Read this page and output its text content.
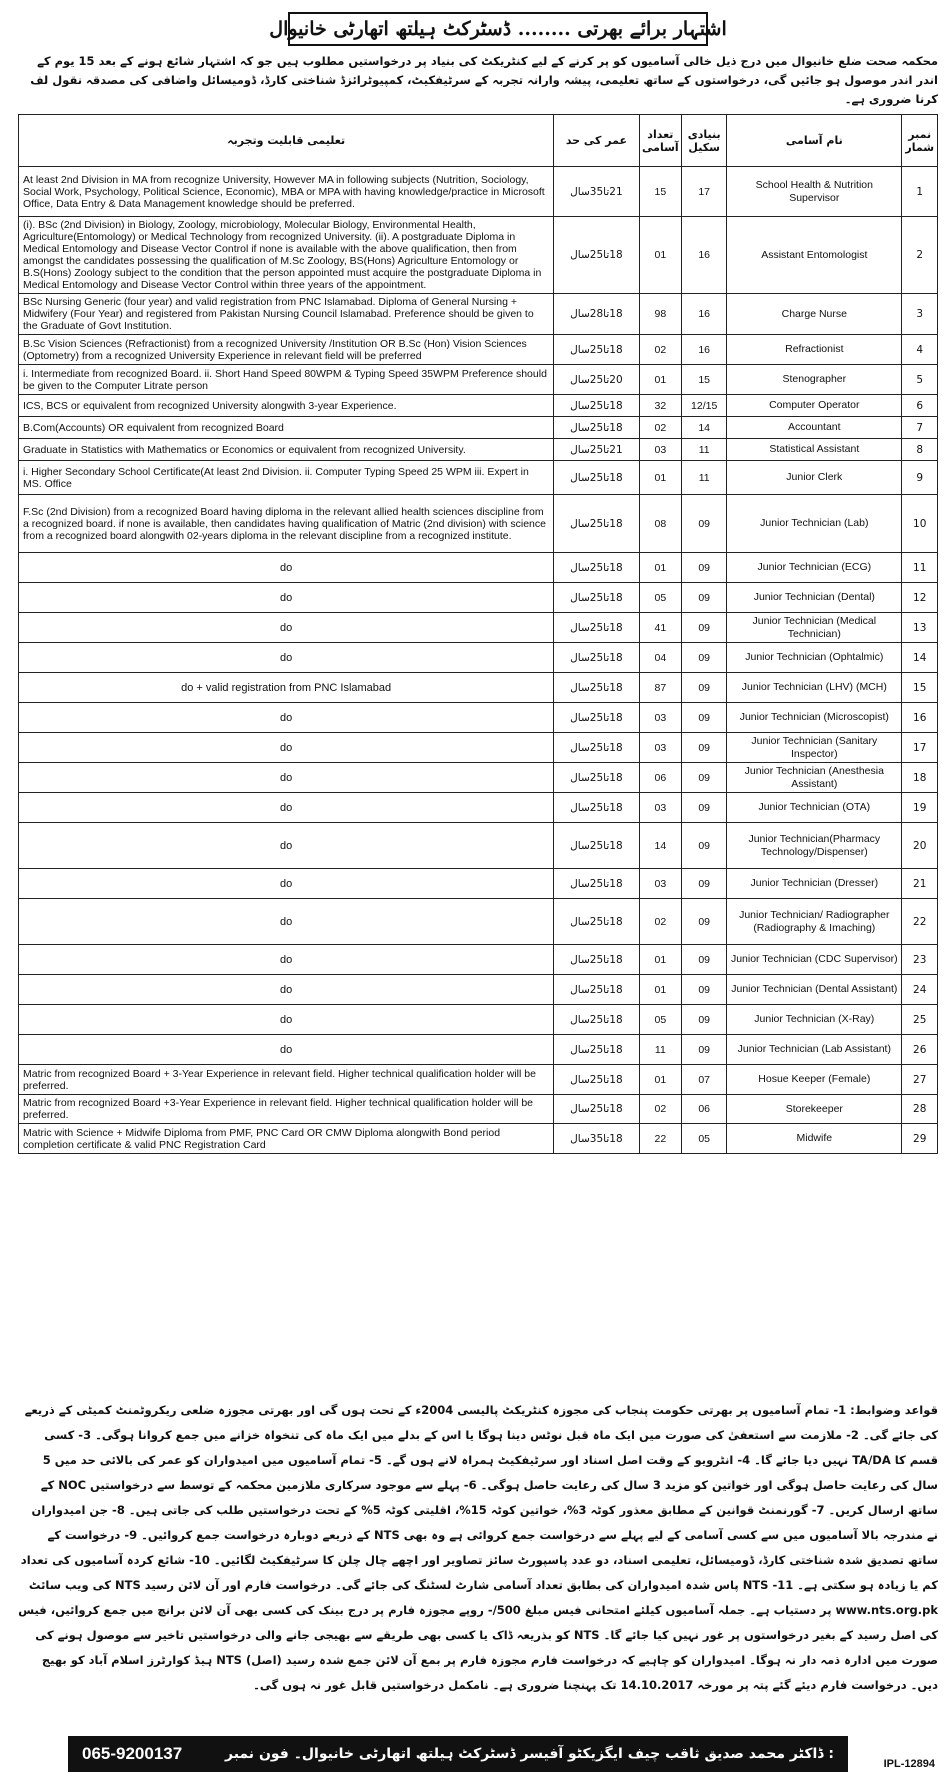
اشتہار برائے بھرتی ........ ڈسٹرکٹ ہیلتھ اتھارٹی خانیوال
محکمہ صحت ضلع خانیوال میں درج ذیل خالی آسامیوں کو پر کرنے کے لیے کنٹریکٹ کی بنیاد پر درخواستیں مطلوب ہیں جو کہ اشتہار شائع ہونے کے بعد 15 یوم کے اندر اندر موصول ہو جائیں گی، درخواستوں کے ساتھ تعلیمی، پیشہ وارانہ تجربہ کے سرٹیفکیٹ، کمپیوٹرائزڈ شناختی کارڈ، ڈومیسائل واضافی کی مصدقہ نقول لف کرنا ضروری ہے۔
تعلیمی قابلیت وتجربہ	عمر کی حد	تعداد آسامی	بنیادی سکیل	نام آسامی	نمبر شمار
At least 2nd Division in MA from recognize University, However MA in following subjects (Nutrition, Sociology, Social Work, Psychology, Political Science, Economic), MBA or MPA with having knowledge/practice in Microsoft Office, Data Entry & Data Management knowledge should be preferred.	21تا35سال	15	17	School Health & Nutrition Supervisor	1
(i). BSc (2nd Division) in Biology, Zoology, microbiology, Molecular Biology, Environmental Health, Agriculture(Entomology) or Medical Technology from recognized University. (ii). A postgraduate Diploma in Medical Entomology and Disease Vector Control if none is available with the above qualification, then from amongst the candidates possessing the qualification of M.Sc Zoology, BS(Hons) Agriculture Entomology or B.S(Hons) Zoology subject to the condition that the person appointed must acquire the postgraduate Diploma in Medical Entomology and Disease Vector Control within three years of the appointment.	18تا25سال	01	16	Assistant Entomologist	2
BSc Nursing Generic (four year) and valid registration from PNC Islamabad. Diploma of General Nursing + Midwifery (Four Year) and registered from Pakistan Nursing Council Islamabad. Preference should be given to the Graduate of Govt Institution.	18تا28سال	98	16	Charge Nurse	3
B.Sc Vision Sciences (Refractionist) from a recognized University /Institution OR B.Sc (Hon) Vision Sciences (Optometry) from a recognized University Experience in relevant field will be preferred	18تا25سال	02	16	Refractionist	4
i. Intermediate from recognized Board. ii. Short Hand Speed 80WPM & Typing Speed 35WPM Preference should be given to the Computer Litrate person	20تا25سال	01	15	Stenographer	5
ICS, BCS or equivalent from recognized University alongwith 3-year Experience.	18تا25سال	32	12/15	Computer Operator	6
B.Com(Accounts) OR equivalent from recognized Board	18تا25سال	02	14	Accountant	7
Graduate in Statistics with Mathematics or Economics or equivalent from recognized University.	21تا25سال	03	11	Statistical Assistant	8
i. Higher Secondary School Certificate(At least 2nd Division. ii. Computer Typing Speed 25 WPM iii. Expert in MS. Office	18تا25سال	01	11	Junior Clerk	9
F.Sc (2nd Division) from a recognized Board having diploma in the relevant allied health sciences discipline from a recognized board. if none is available, then candidates having qualification of Matric (2nd division) with science from a recognized board alongwith 02-years diploma in the relevant discipline from a recognized institute.	18تا25سال	08	09	Junior Technician (Lab)	10
do	18تا25سال	01	09	Junior Technician (ECG)	11
do	18تا25سال	05	09	Junior Technician (Dental)	12
do	18تا25سال	41	09	Junior Technician (Medical Technician)	13
do	18تا25سال	04	09	Junior Technician (Ophtalmic)	14
do + valid registration from PNC Islamabad	18تا25سال	87	09	Junior Technician (LHV) (MCH)	15
do	18تا25سال	03	09	Junior Technician (Microscopist)	16
do	18تا25سال	03	09	Junior Technician (Sanitary Inspector)	17
do	18تا25سال	06	09	Junior Technician (Anesthesia Assistant)	18
do	18تا25سال	03	09	Junior Technician (OTA)	19
do	18تا25سال	14	09	Junior Technician(Pharmacy Technology/Dispenser)	20
do	18تا25سال	03	09	Junior Technician (Dresser)	21
do	18تا25سال	02	09	Junior Technician/ Radiographer (Radiography & Imaching)	22
do	18تا25سال	01	09	Junior Technician (CDC Supervisor)	23
do	18تا25سال	01	09	Junior Technician (Dental Assistant)	24
do	18تا25سال	05	09	Junior Technician (X-Ray)	25
do	18تا25سال	11	09	Junior Technician (Lab Assistant)	26
Matric from recognized Board + 3-Year Experience in relevant field. Higher technical qualification holder will be preferred.	18تا25سال	01	07	Hosue Keeper (Female)	27
Matric from recognized Board +3-Year Experience in relevant field. Higher technical qualification holder will be preferred.	18تا25سال	02	06	Storekeeper	28
Matric with Science + Midwife Diploma from PMF, PNC Card OR CMW Diploma alongwith Bond period completion certificate & valid PNC Registration Card	18تا35سال	22	05	Midwife	29
قواعد وضوابط: 1- تمام آسامیوں پر بھرتی حکومت پنجاب کی مجوزہ کنٹریکٹ پالیسی 2004ء کے تحت ہوں گی اور بھرتی مجوزہ ضلعی ریکروٹمنٹ کمیٹی کے ذریعے کی جائے گی۔ 2- ملازمت سے استعفیٰ کی صورت میں ایک ماہ قبل نوٹس دینا ہوگا یا اس کے بدلے میں ایک ماہ کی تنخواہ خزانے میں جمع کروانا ہوگی۔ 3- کسی قسم کا TA/DA نہیں دیا جائے گا۔ 4- انٹرویو کے وقت اصل اسناد اور سرٹیفکیٹ ہمراہ لانے ہوں گے۔ 5- تمام آسامیوں میں امیدواران کو عمر کی بالائی حد میں 5 سال کی رعایت حاصل ہوگی اور خواتین کو مزید 3 سال کی رعایت حاصل ہوگی۔ 6- پہلے سے موجود سرکاری ملازمین محکمہ کے توسط سے درخواستیں NOC کے ساتھ ارسال کریں۔ 7- گورنمنٹ قوانین کے مطابق معذور کوٹہ 3%، خواتین کوٹہ 15%، اقلیتی کوٹہ 5% کے تحت درخواستیں طلب کی جاتی ہیں۔ 8- جن امیدواران نے مندرجہ بالا آسامیوں میں سے کسی آسامی کے لیے پہلے سے درخواست جمع کروائی ہے وہ بھی NTS کے ذریعے دوبارہ درخواست جمع کروائیں۔ 9- درخواست کے ساتھ تصدیق شدہ شناختی کارڈ، ڈومیسائل، تعلیمی اسناد، دو عدد پاسپورٹ سائز تصاویر اور اچھے چال چلن کا سرٹیفکیٹ لگائیں۔ 10- شائع کردہ آسامیوں کی تعداد کم یا زیادہ ہو سکتی ہے۔ 11- NTS پاس شدہ امیدواران کی بطابق تعداد آسامی شارٹ لسٹنگ کی جائے گی۔ درخواست فارم اور آن لائن رسید NTS کی ویب سائٹ www.nts.org.pk پر دستیاب ہے۔ جملہ آسامیوں کیلئے امتحانی فیس مبلغ 500/- روپے مجوزہ فارم پر درج بینک کی کسی بھی آن لائن برانچ میں جمع کروائیں، فیس کی اصل رسید کے بغیر درخواستوں پر غور نہیں کیا جائے گا۔ NTS کو بذریعہ ڈاک یا کسی بھی طریقے سے بھیجی جانے والی درخواستیں تاخیر سے موصول ہونے کی صورت میں ادارہ ذمہ دار نہ ہوگا۔ امیدواران کو چاہیے کہ درخواست فارم مجوزہ فارم پر بمع آن لائن جمع شدہ رسید (اصل) NTS ہیڈ کوارٹرز اسلام آباد کو بھیج دیں۔ درخواست فارم دیئے گئے پتہ پر مورخہ 14.10.2017 تک پہنچنا ضروری ہے۔ نامکمل درخواستیں قابل غور نہ ہوں گی۔
065-9200137	: ڈاکٹر محمد صدیق ثاقب چیف ایگزیکٹو آفیسر ڈسٹرکٹ ہیلتھ اتھارٹی خانیوال۔ فون نمبر
IPL-12894
